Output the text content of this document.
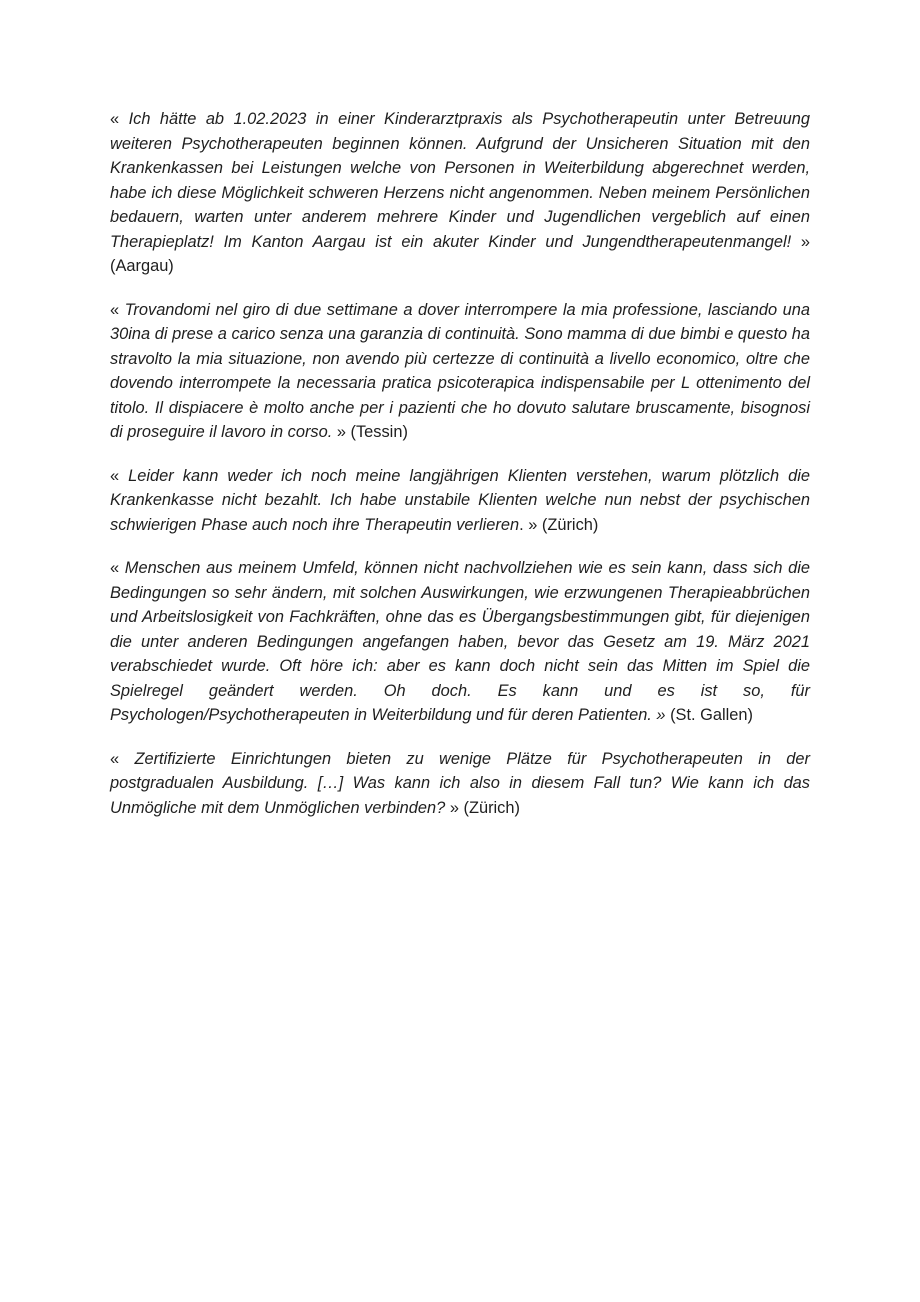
« Ich hätte ab 1.02.2023 in einer Kinderarztpraxis als Psychotherapeutin unter Betreuung weiteren Psychotherapeuten beginnen können. Aufgrund der Unsicheren Situation mit den Krankenkassen bei Leistungen welche von Personen in Weiterbildung abgerechnet werden, habe ich diese Möglichkeit schweren Herzens nicht angenommen. Neben meinem Persönlichen bedauern, warten unter anderem mehrere Kinder und Jugendlichen vergeblich auf einen Therapieplatz! Im Kanton Aargau ist ein akuter Kinder und Jungendtherapeutenmangel! » (Aargau)

« Trovandomi nel giro di due settimane a dover interrompere la mia professione, lasciando una 30ina di prese a carico senza una garanzia di continuità. Sono mamma di due bimbi e questo ha stravolto la mia situazione, non avendo più certezze di continuità a livello economico, oltre che dovendo interrompete la necessaria pratica psicoterapica indispensabile per L ottenimento del titolo. Il dispiacere è molto anche per i pazienti che ho dovuto salutare bruscamente, bisognosi di proseguire il lavoro in corso. » (Tessin)

« Leider kann weder ich noch meine langjährigen Klienten verstehen, warum plötzlich die Krankenkasse nicht bezahlt. Ich habe unstabile Klienten welche nun nebst der psychischen schwierigen Phase auch noch ihre Therapeutin verlieren. » (Zürich)

« Menschen aus meinem Umfeld, können nicht nachvollziehen wie es sein kann, dass sich die Bedingungen so sehr ändern, mit solchen Auswirkungen, wie erzwungenen Therapieabbrüchen und Arbeitslosigkeit von Fachkräften, ohne das es Übergangsbestimmungen gibt, für diejenigen die unter anderen Bedingungen angefangen haben, bevor das Gesetz am 19. März 2021 verabschiedet wurde. Oft höre ich: aber es kann doch nicht sein das Mitten im Spiel die Spielregel geändert werden. Oh doch. Es kann und es ist so, für Psychologen/Psychotherapeuten in Weiterbildung und für deren Patienten. » (St. Gallen)

« Zertifizierte Einrichtungen bieten zu wenige Plätze für Psychotherapeuten in der postgradualen Ausbildung. […] Was kann ich also in diesem Fall tun? Wie kann ich das Unmögliche mit dem Unmöglichen verbinden? » (Zürich)
